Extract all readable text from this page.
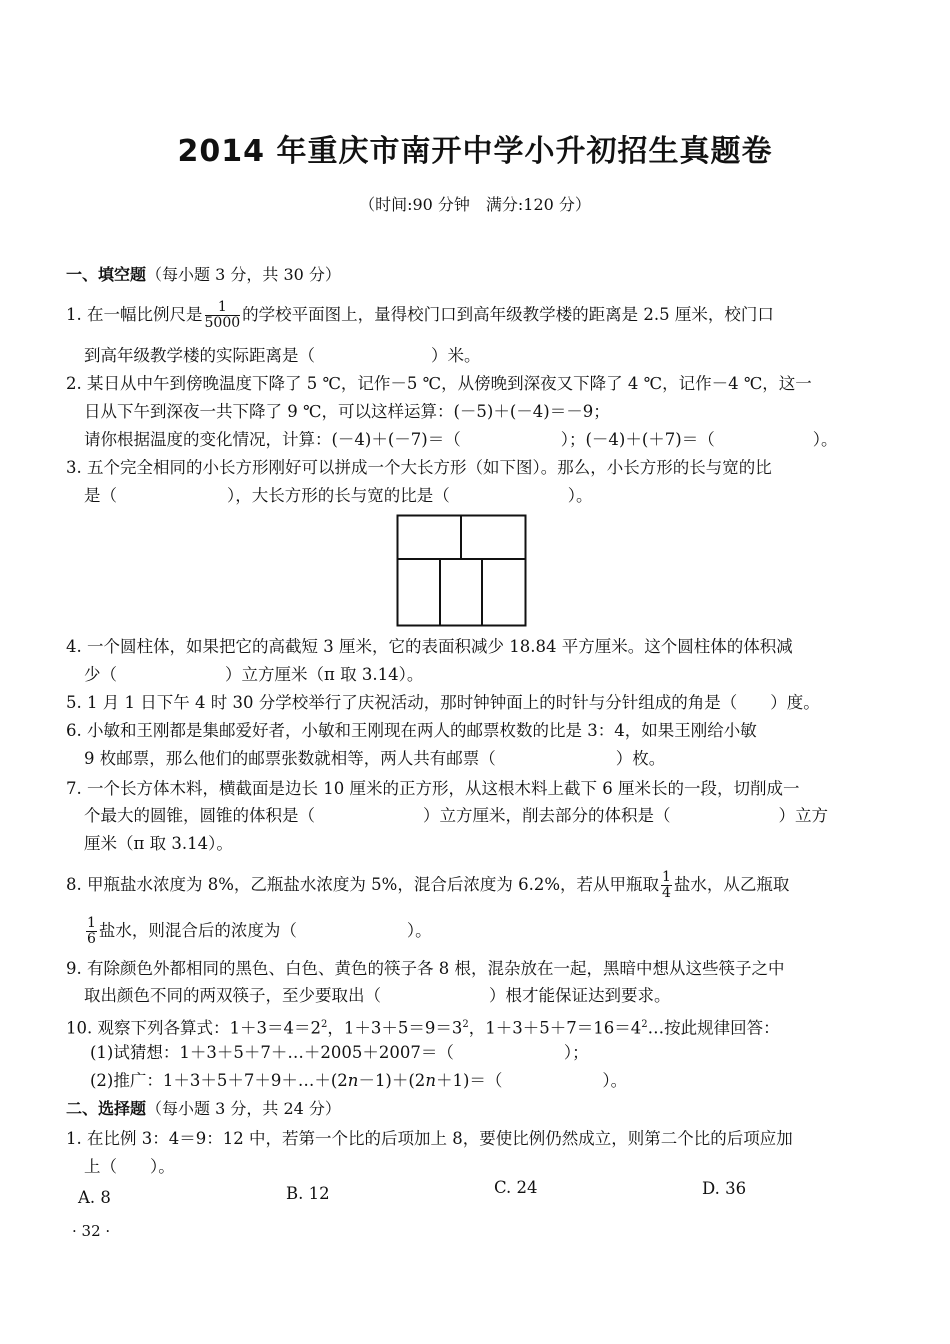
2014 年重庆市南开中学小升初招生真题卷
（时间:90 分钟　满分:120 分）
一、填空题（每小题 3 分，共 30 分）
1. 在一幅比例尺是 $\frac{1}{5000}$ 的学校平面图上，量得校门口到高年级教学楼的距离是 2.5 厘米，校门口
到高年级教学楼的实际距离是（	）米。
2. 某日从中午到傍晚温度下降了 5 ℃，记作－5 ℃，从傍晚到深夜又下降了 4 ℃，记作－4 ℃，这一
日从下午到深夜一共下降了 9 ℃，可以这样运算：(－5)＋(－4)＝－9；
请你根据温度的变化情况，计算：(－4)＋(－7)＝（	）；(－4)＋(＋7)＝（	）。
3. 五个完全相同的小长方形刚好可以拼成一个大长方形（如下图）。那么，小长方形的长与宽的比
是（	），大长方形的长与宽的比是（	）。
4. 一个圆柱体，如果把它的高截短 3 厘米，它的表面积减少 18.84 平方厘米。这个圆柱体的体积减
少（	）立方厘米（π 取 3.14）。
5. 1 月 1 日下午 4 时 30 分学校举行了庆祝活动，那时钟钟面上的时针与分针组成的角是（　　）度。
6. 小敏和王刚都是集邮爱好者，小敏和王刚现在两人的邮票枚数的比是 3：4，如果王刚给小敏
9 枚邮票，那么他们的邮票张数就相等，两人共有邮票（	）枚。
7. 一个长方体木料，横截面是边长 10 厘米的正方形，从这根木料上截下 6 厘米长的一段，切削成一
个最大的圆锥，圆锥的体积是（	）立方厘米，削去部分的体积是（	）立方
厘米（π 取 3.14）。
8. 甲瓶盐水浓度为 8%，乙瓶盐水浓度为 5%，混合后浓度为 6.2%，若从甲瓶取 $\frac{1}{4}$ 盐水，从乙瓶取
$\frac{1}{6}$ 盐水，则混合后的浓度为（	）。
9. 有除颜色外都相同的黑色、白色、黄色的筷子各 8 根，混杂放在一起，黑暗中想从这些筷子之中
取出颜色不同的两双筷子，至少要取出（	）根才能保证达到要求。
10. 观察下列各算式：$1+3=4=2^2$，$1+3+5=9=3^2$，$1+3+5+7=16=4^2\dots$按此规律回答：
(1)试猜想：1＋3＋5＋7＋…＋2005＋2007＝（	）；
(2)推广：1＋3＋5＋7＋9＋…＋(2n－1)＋(2n＋1)＝（	）。
二、选择题（每小题 3 分，共 24 分）
1. 在比例 3：4＝9：12 中，若第一个比的后项加上 8，要使比例仍然成立，则第二个比的后项应加
上（　　）。
A. 8	B. 12	C. 24	D. 36
· 32 ·
